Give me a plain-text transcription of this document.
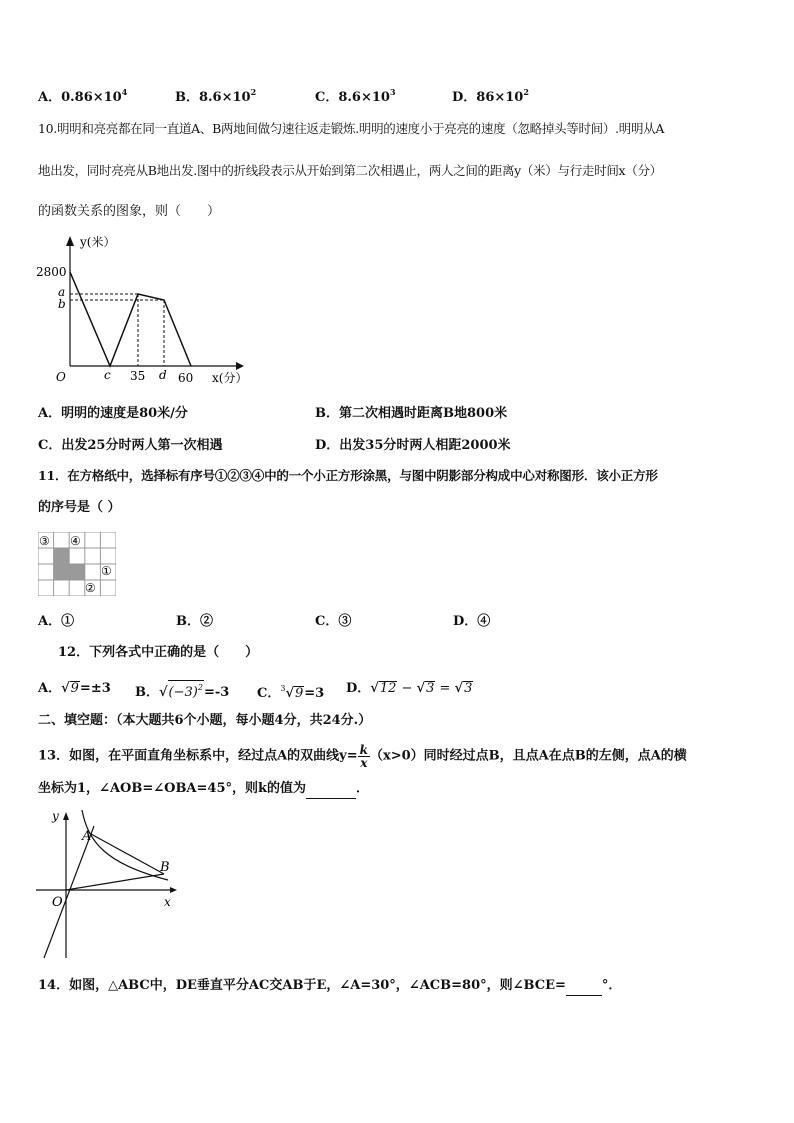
A．$0.86\times 10^4$	B．$8.6\times 10^2$	C．$8.6\times 10^3$	D．$86\times 10^2$
10.明明和亮亮都在同一直道A、B两地间做匀速往返走锻炼.明明的速度小于亮亮的速度（忽略掉头等时间）.明明从A
地出发，同时亮亮从B地出发.图中的折线段表示从开始到第二次相遇止，两人之间的距离y（米）与行走时间x（分）
的函数关系的图象，则（　　）
y(米）
2800
a
b
O	c 35 d 60 x(分）
A．明明的速度是80米/分	B．第二次相遇时距离B地800米
C．出发25分时两人第一次相遇	D．出发35分时两人相距2000米
11．在方格纸中，选择标有序号①②③④中的一个小正方形涂黑，与图中阴影部分构成中心对称图形．该小正方形
的序号是（ ）
③ ④
①
②
A．①	B．②	C．③	D．④
12．下列各式中正确的是（　　）
A．√9=±3 B．$√(-3)^2=-3$ C．$^3$√9=3 D．√12 − √3 = √3
二、填空题：（本大题共6个小题，每小题4分，共24分.）
13．如图，在平面直角坐标系中，经过点A的双曲线$y= \frac{k}{x} (x>0)$同时经过点B，且点A在点B的左侧，点A的横
坐标为1，∠AOB=∠OBA=45°，则k的值为	．
y
x
O
A
B
14．如图，△ABC中，DE垂直平分AC交AB于E，∠A=30°，∠ACB=80°，则∠BCE=	°．
